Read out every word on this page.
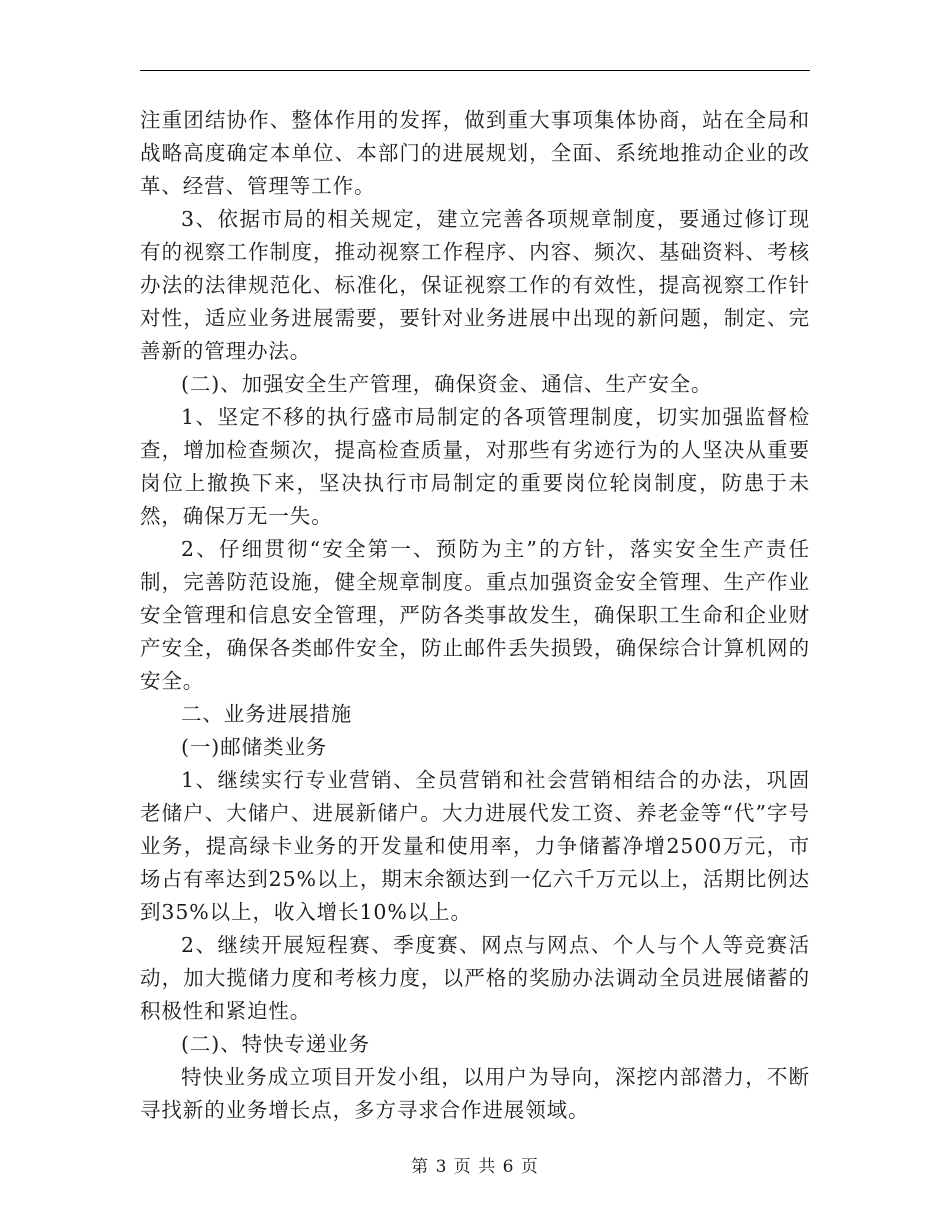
注重团结协作、整体作用的发挥，做到重大事项集体协商，站在全局和战略高度确定本单位、本部门的进展规划，全面、系统地推动企业的改革、经营、管理等工作。

3、依据市局的相关规定，建立完善各项规章制度，要通过修订现有的视察工作制度，推动视察工作程序、内容、频次、基础资料、考核办法的法律规范化、标准化，保证视察工作的有效性，提高视察工作针对性，适应业务进展需要，要针对业务进展中出现的新问题，制定、完善新的管理办法。

(二)、加强安全生产管理，确保资金、通信、生产安全。

1、坚定不移的执行盛市局制定的各项管理制度，切实加强监督检查，增加检查频次，提高检查质量，对那些有劣迹行为的人坚决从重要岗位上撤换下来，坚决执行市局制定的重要岗位轮岗制度，防患于未然，确保万无一失。

2、仔细贯彻“安全第一、预防为主”的方针，落实安全生产责任制，完善防范设施，健全规章制度。重点加强资金安全管理、生产作业安全管理和信息安全管理，严防各类事故发生，确保职工生命和企业财产安全，确保各类邮件安全，防止邮件丢失损毁，确保综合计算机网的安全。

二、业务进展措施

(一)邮储类业务

1、继续实行专业营销、全员营销和社会营销相结合的办法，巩固老储户、大储户、进展新储户。大力进展代发工资、养老金等“代”字号业务，提高绿卡业务的开发量和使用率，力争储蓄净增2500万元，市场占有率达到25%以上，期末余额达到一亿六千万元以上，活期比例达到35%以上，收入增长10%以上。

2、继续开展短程赛、季度赛、网点与网点、个人与个人等竞赛活动，加大揽储力度和考核力度，以严格的奖励办法调动全员进展储蓄的积极性和紧迫性。

(二)、特快专递业务

特快业务成立项目开发小组，以用户为导向，深挖内部潜力，不断寻找新的业务增长点，多方寻求合作进展领域。

第 3 页 共 6 页
